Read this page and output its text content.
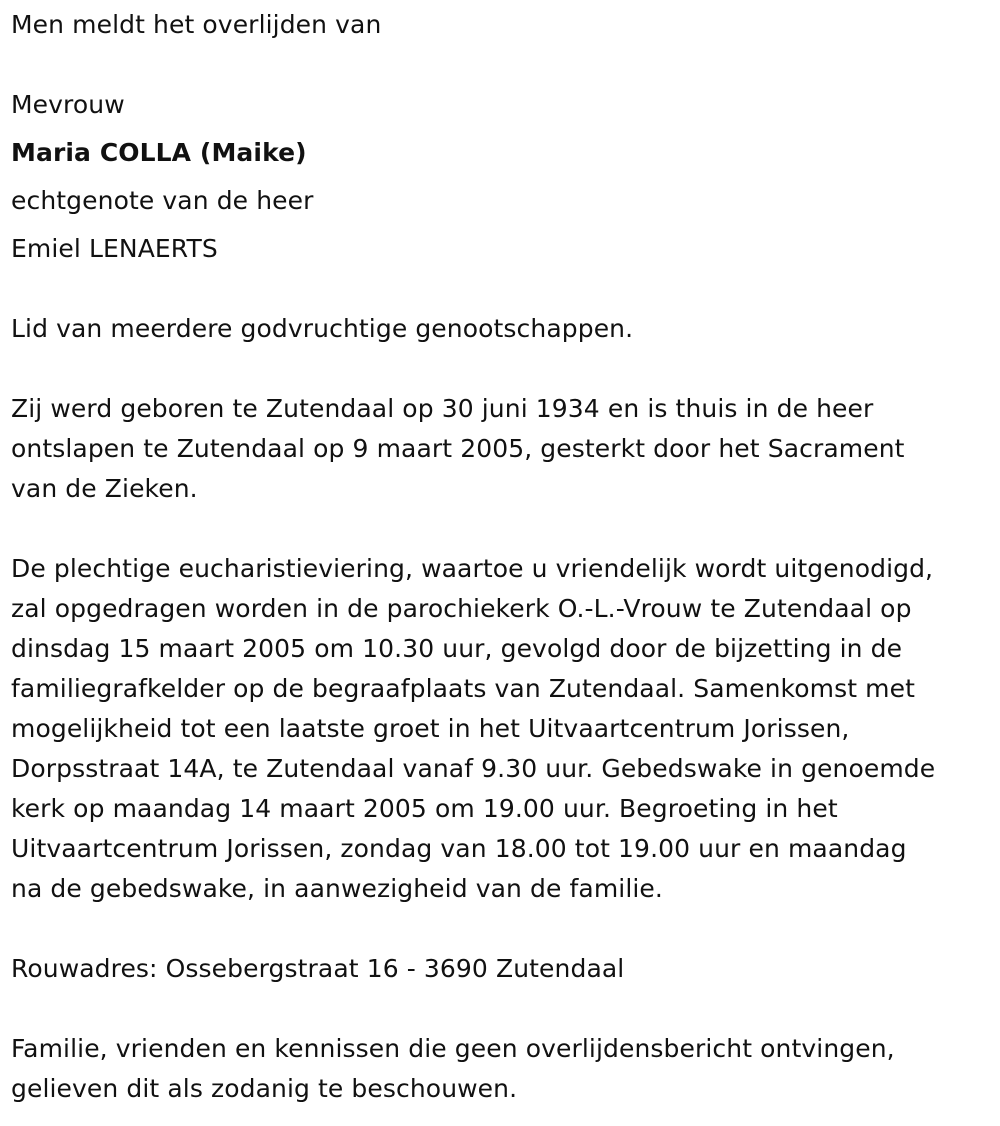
Men meldt het overlijden van
Mevrouw
Maria COLLA (Maike)
echtgenote van de heer
Emiel LENAERTS
Lid van meerdere godvruchtige genootschappen.
Zij werd geboren te Zutendaal op 30 juni 1934 en is thuis in de heer
ontslapen te Zutendaal op 9 maart 2005, gesterkt door het Sacrament
van de Zieken.
De plechtige eucharistieviering, waartoe u vriendelijk wordt uitgenodigd,
zal opgedragen worden in de parochiekerk O.-L.-Vrouw te Zutendaal op
dinsdag 15 maart 2005 om 10.30 uur, gevolgd door de bijzetting in de
familiegrafkelder op de begraafplaats van Zutendaal. Samenkomst met
mogelijkheid tot een laatste groet in het Uitvaartcentrum Jorissen,
Dorpsstraat 14A, te Zutendaal vanaf 9.30 uur. Gebedswake in genoemde
kerk op maandag 14 maart 2005 om 19.00 uur. Begroeting in het
Uitvaartcentrum Jorissen, zondag van 18.00 tot 19.00 uur en maandag
na de gebedswake, in aanwezigheid van de familie.
Rouwadres: Ossebergstraat 16 - 3690 Zutendaal
Familie, vrienden en kennissen die geen overlijdensbericht ontvingen,
gelieven dit als zodanig te beschouwen.
